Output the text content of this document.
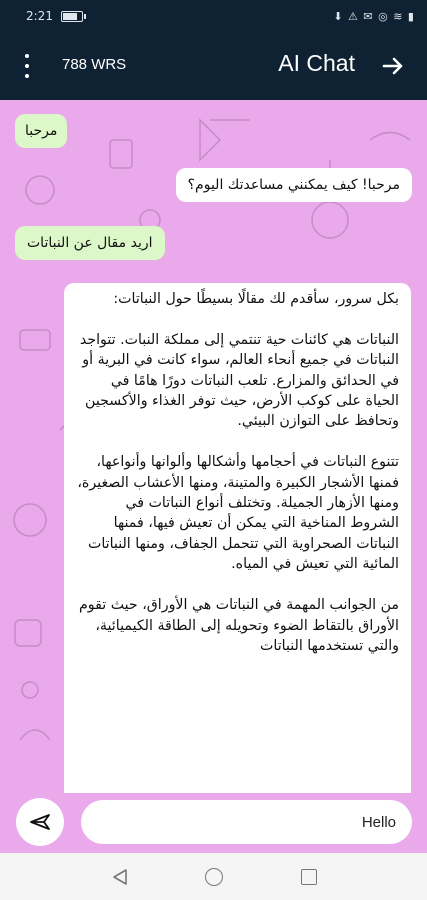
2:21	⬇ ⚠ ✉ ◎ ≋ ▮
788 WRS	AI Chat
مرحبا
مرحبا! كيف يمكنني مساعدتك اليوم؟
اريد مقال عن النباتات
بكل سرور، سأقدم لك مقالًا بسيطًا حول النباتات:

النباتات هي كائنات حية تنتمي إلى مملكة النبات. تتواجد النباتات في جميع أنحاء العالم، سواء كانت في البرية أو في الحدائق والمزارع. تلعب النباتات دورًا هامًا في الحياة على كوكب الأرض، حيث توفر الغذاء والأكسجين وتحافظ على التوازن البيئي.

تتنوع النباتات في أحجامها وأشكالها وألوانها وأنواعها، فمنها الأشجار الكبيرة والمتينة، ومنها الأعشاب الصغيرة، ومنها الأزهار الجميلة. وتختلف أنواع النباتات في الشروط المناخية التي يمكن أن تعيش فيها، فمنها النباتات الصحراوية التي تتحمل الجفاف، ومنها النباتات المائية التي تعيش في المياه.

من الجوانب المهمة في النباتات هي الأوراق، حيث تقوم الأوراق بالتقاط الضوء وتحويله إلى الطاقة الكيميائية، والتي تستخدمها النباتات
Hello
